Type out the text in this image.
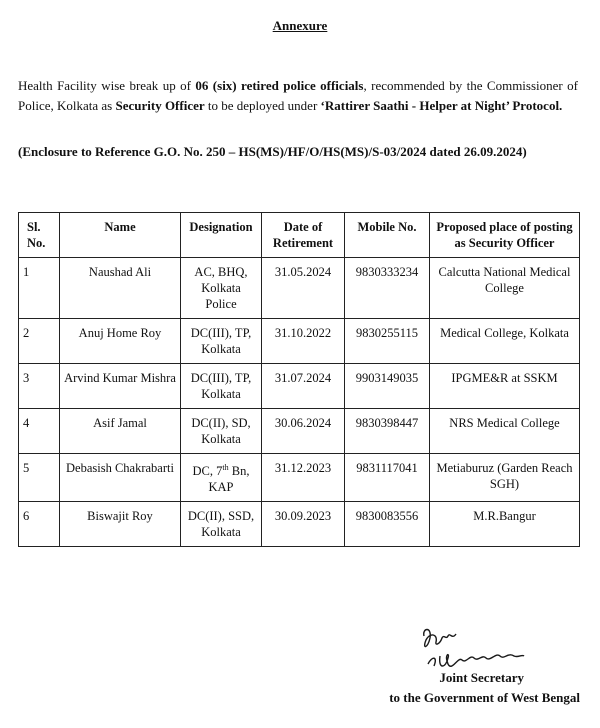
Annexure
Health Facility wise break up of 06 (six) retired police officials, recommended by the Commissioner of Police, Kolkata as Security Officer to be deployed under ‘Rattirer Saathi - Helper at Night’ Protocol.
(Enclosure to Reference G.O. No. 250 – HS(MS)/HF/O/HS(MS)/S-03/2024 dated 26.09.2024)
Sl. No.	Name	Designation	Date of Retirement	Mobile No.	Proposed place of posting as Security Officer
1	Naushad Ali	AC, BHQ, Kolkata Police	31.05.2024	9830333234	Calcutta National Medical College
2	Anuj Home Roy	DC(III), TP, Kolkata	31.10.2022	9830255115	Medical College, Kolkata
3	Arvind Kumar Mishra	DC(III), TP, Kolkata	31.07.2024	9903149035	IPGME&R at SSKM
4	Asif Jamal	DC(II), SD, Kolkata	30.06.2024	9830398447	NRS Medical College
5	Debasish Chakrabarti	DC, 7th Bn, KAP	31.12.2023	9831117041	Metiaburuz (Garden Reach SGH)
6	Biswajit Roy	DC(II), SSD, Kolkata	30.09.2023	9830083556	M.R.Bangur
Joint Secretary
to the Government of West Bengal
